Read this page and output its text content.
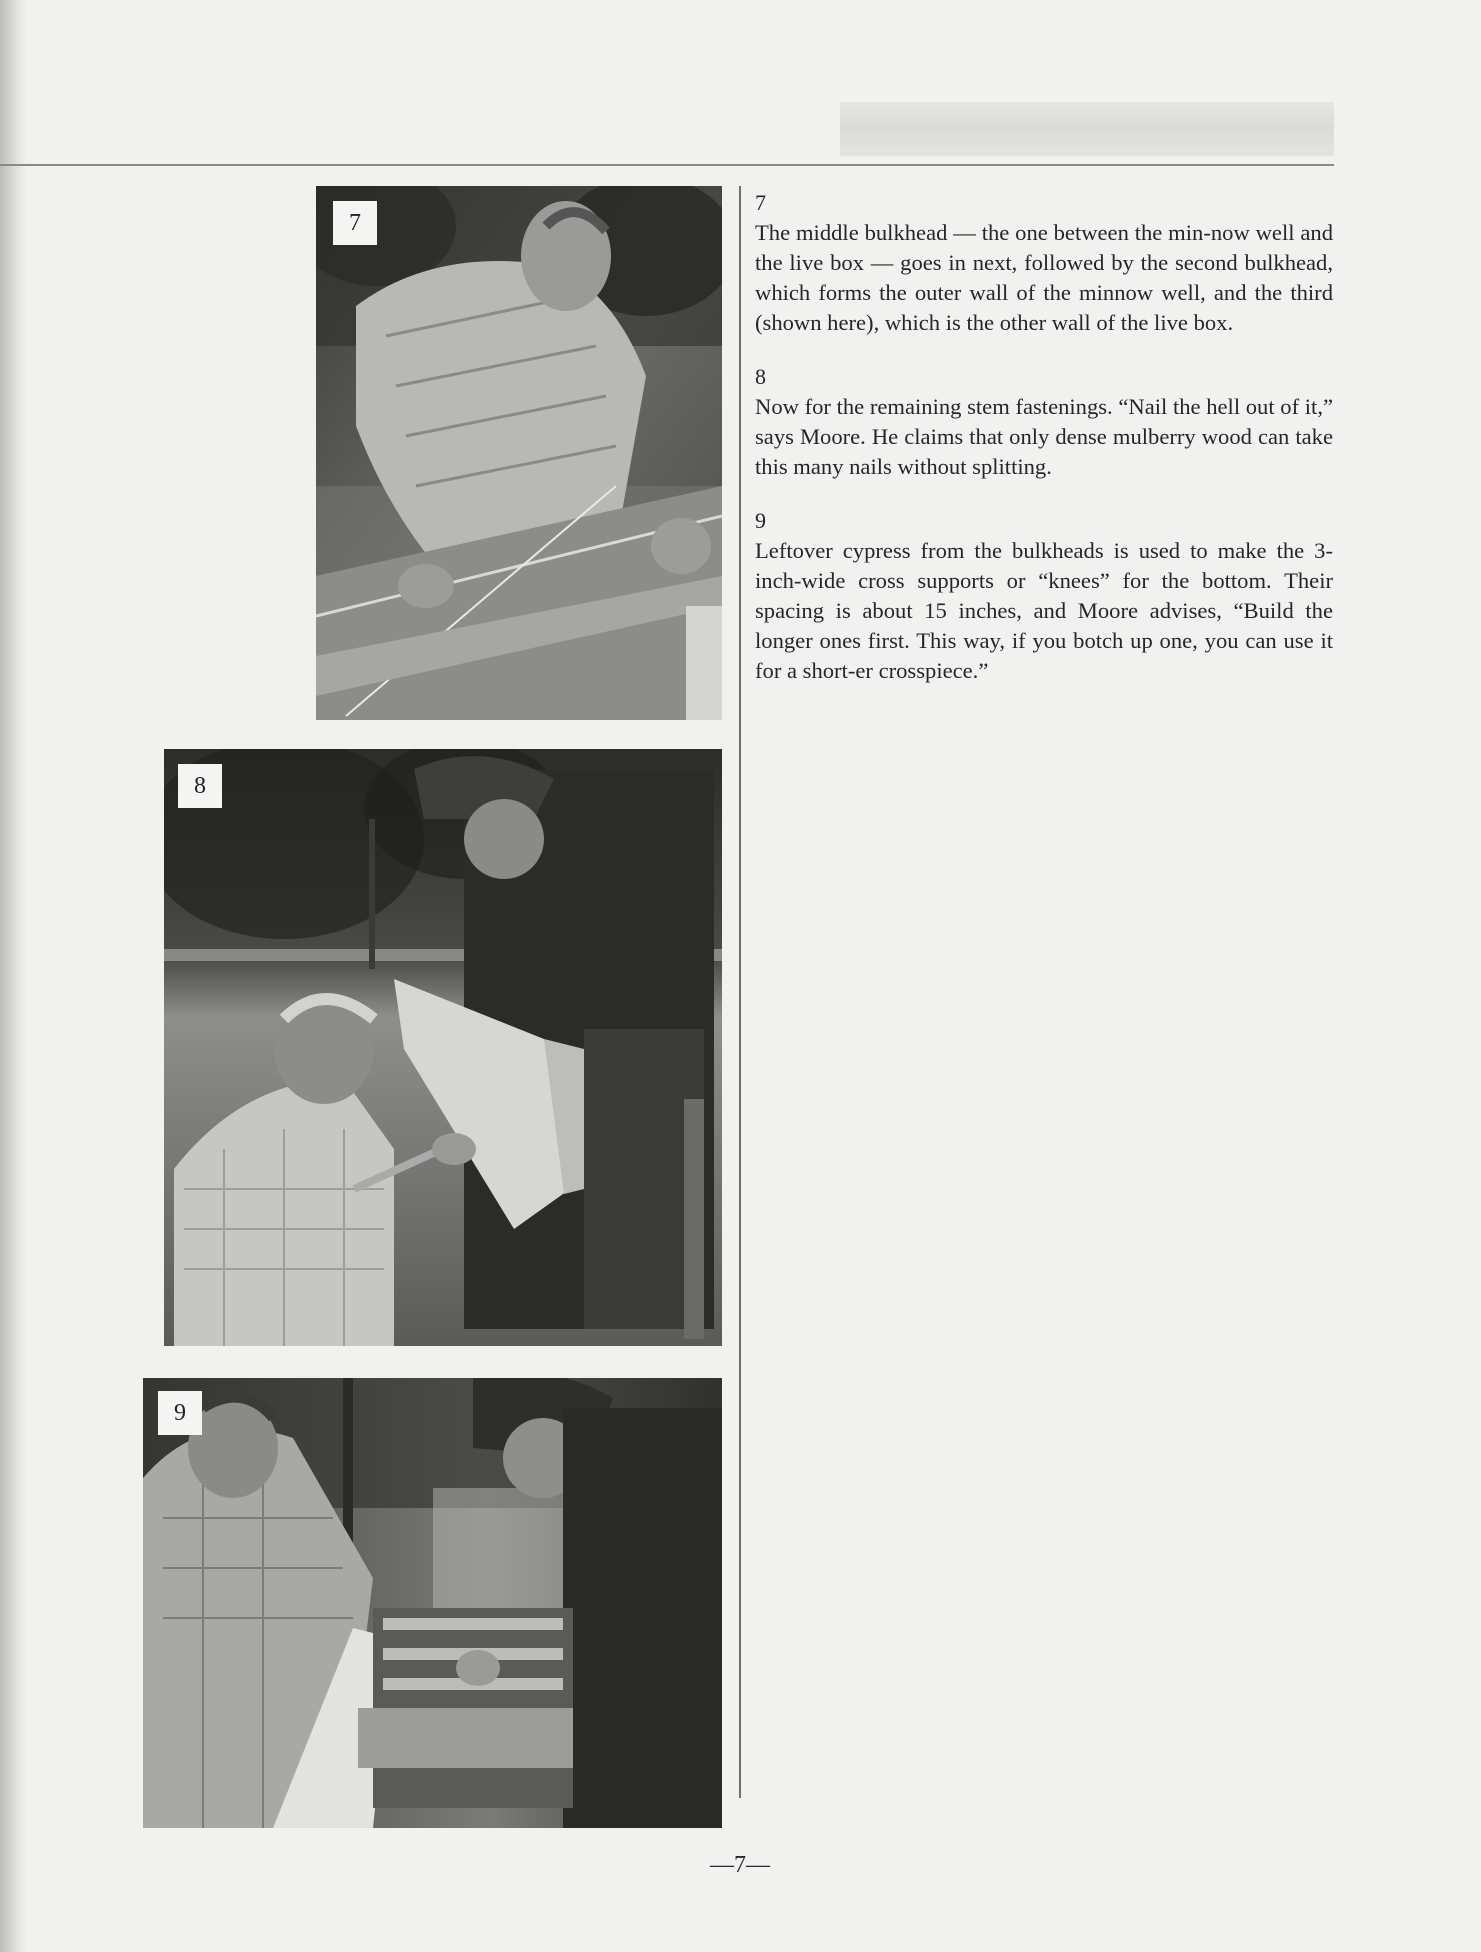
7
8
9
7

The middle bulkhead — the one between the min-now well and the live box — goes in next, followed by the second bulkhead, which forms the outer wall of the minnow well, and the third (shown here), which is the other wall of the live box.

8

Now for the remaining stem fastenings. “Nail the hell out of it,” says Moore. He claims that only dense mulberry wood can take this many nails without splitting.

9

Leftover cypress from the bulkheads is used to make the 3-inch-wide cross supports or “knees” for the bottom. Their spacing is about 15 inches, and Moore advises, “Build the longer ones first. This way, if you botch up one, you can use it for a short-er crosspiece.”

—7—
